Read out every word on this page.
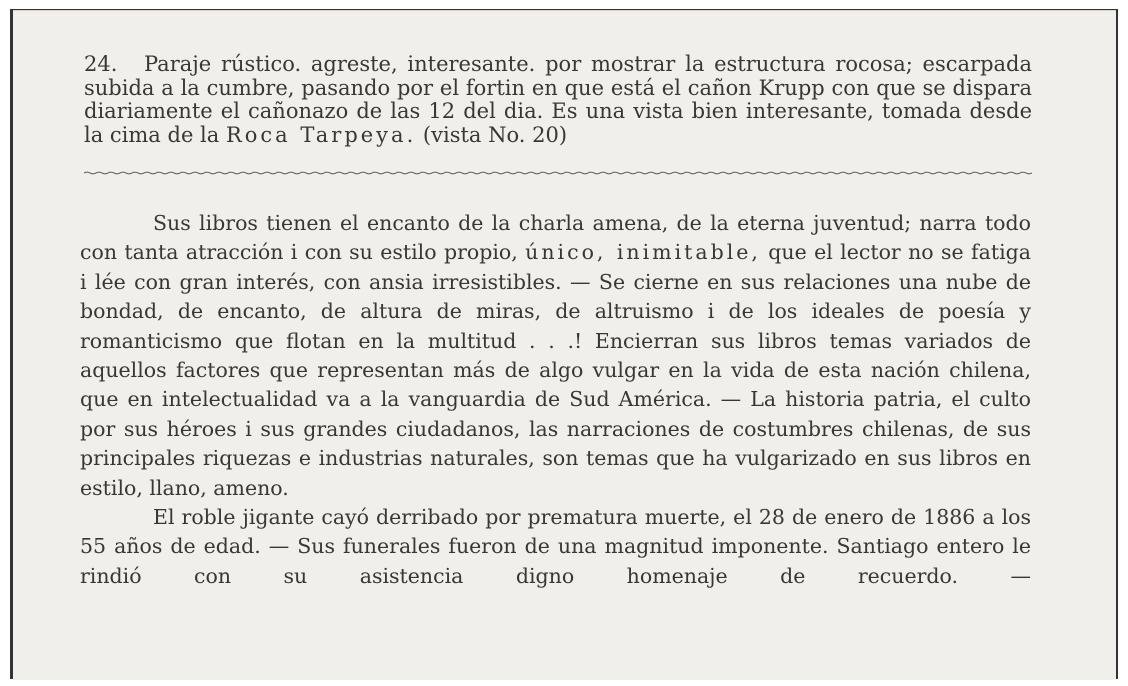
24. Paraje rústico. agreste, interesante. por mostrar la estructura rocosa; escarpada subida a la cumbre, pasando por el fortin en que está el cañon Krupp con que se dispara diariamente el cañonazo de las 12 del dia. Es una vista bien interesante, tomada desde la cima de la Roca Tarpeya. (vista No. 20)

Sus libros tienen el encanto de la charla amena, de la eterna juventud; narra todo con tanta atracción i con su estilo propio, único, inimitable, que el lector no se fatiga i lée con gran interés, con ansia irresistibles. — Se cierne en sus relaciones una nube de bondad, de encanto, de altura de miras, de altruismo i de los ideales de poesía y romanticismo que flotan en la multitud . . .! Encierran sus libros temas variados de aquellos factores que representan más de algo vulgar en la vida de esta nación chilena, que en intelectualidad va a la vanguardia de Sud América. — La historia patria, el culto por sus héroes i sus grandes ciudadanos, las narraciones de costumbres chilenas, de sus principales riquezas e industrias naturales, son temas que ha vulgarizado en sus libros en estilo, llano, ameno.

El roble jigante cayó derribado por prematura muerte, el 28 de enero de 1886 a los 55 años de edad. — Sus funerales fueron de una magnitud imponente. Santiago entero le rindió con su asistencia digno homenaje de recuerdo. —
